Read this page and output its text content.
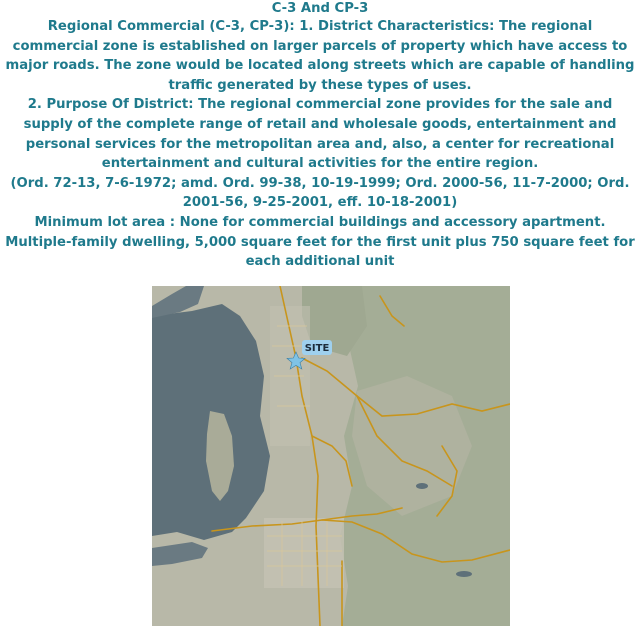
C-3 And CP-3

Regional Commercial (C-3, CP-3): 1. District Characteristics: The regional commercial zone is established on larger parcels of property which have access to major roads. The zone would be located along streets which are capable of handling traffic generated by these types of uses.

2. Purpose Of District: The regional commercial zone provides for the sale and supply of the complete range of retail and wholesale goods, entertainment and personal services for the metropolitan area and, also, a center for recreational entertainment and cultural activities for the entire region.

(Ord. 72-13, 7-6-1972; amd. Ord. 99-38, 10-19-1999; Ord. 2000-56, 11-7-2000; Ord. 2001-56, 9-25-2001, eff. 10-18-2001)

Minimum lot area : None for commercial buildings and accessory apartment. Multiple-family dwelling, 5,000 square feet for the first unit plus 750 square feet for each additional unit

SITE
